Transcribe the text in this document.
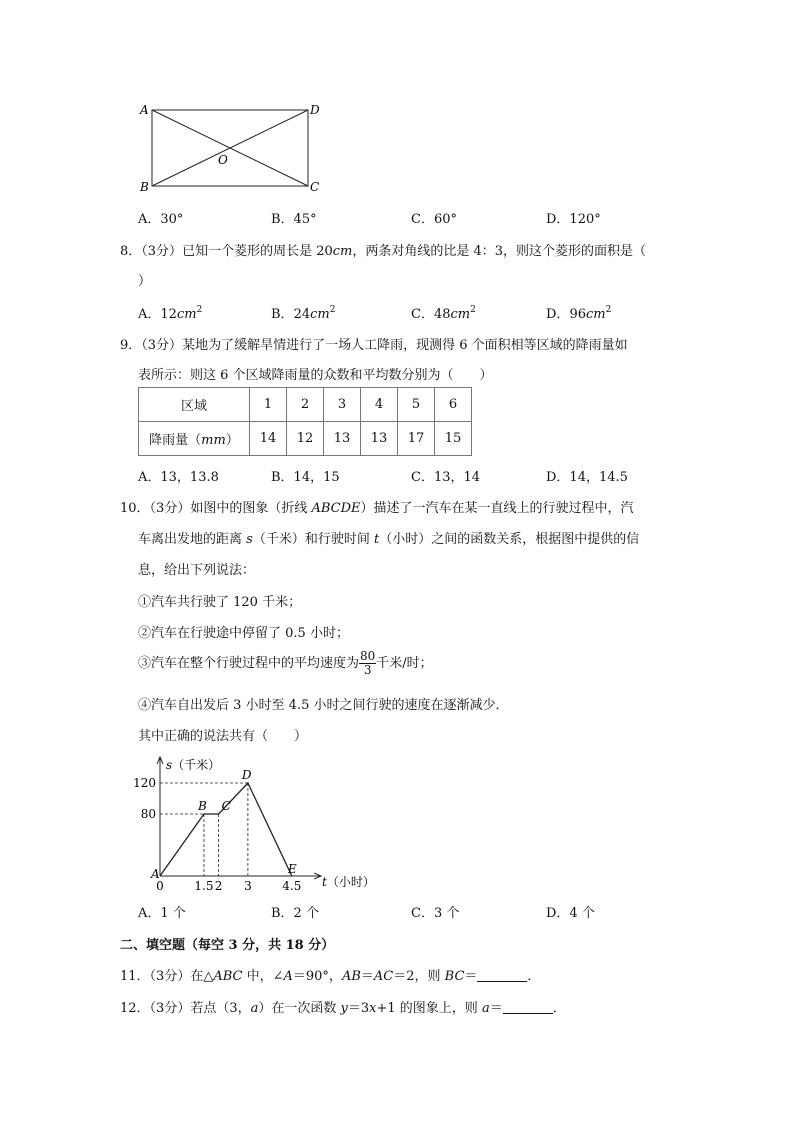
A	D
B	C
O
A．30°	B．45°	C．60°	D．120°
8．（3分）已知一个菱形的周长是 20cm，两条对角线的比是 4：3，则这个菱形的面积是（
）
A．$12cm^2$	B．$24cm^2$	C．$48cm^2$	D．$96cm^2$
9．（3分）某地为了缓解旱情进行了一场人工降雨，现测得 6 个面积相等区域的降雨量如
表所示：则这 6 个区域降雨量的众数和平均数分别为（　　）
区域	1	2	3	4	5	6
降雨量（mm）	14	12	13	13	17	15
A．13，13.8	B．14，15	C．13，14	D．14，14.5
10．（3分）如图中的图象（折线 ABCDE）描述了一汽车在某一直线上的行驶过程中，汽
车离出发地的距离 s（千米）和行驶时间 t（小时）之间的函数关系，根据图中提供的信
息，给出下列说法：
①汽车共行驶了 120 千米；
②汽车在行驶途中停留了 0.5 小时；
③汽车在整个行驶过程中的平均速度为 $\frac{80}{3}$ 千米/时；
④汽车自出发后 3 小时至 4.5 小时之间行驶的速度在逐渐减少．
其中正确的说法共有（　　）
s（千米）
t（小时）
A
B C
D
E
120
80
0	1.5 2 3	4.5
A．1 个	B．2 个	C．3 个	D．4 个
二、填空题（每空 3 分，共 18 分）
11．（3分）在△ABC 中，∠A＝90°，AB＝AC＝2，则 BC＝	．
12．（3分）若点（3，a）在一次函数 y＝3x+1 的图象上，则 a＝	．
